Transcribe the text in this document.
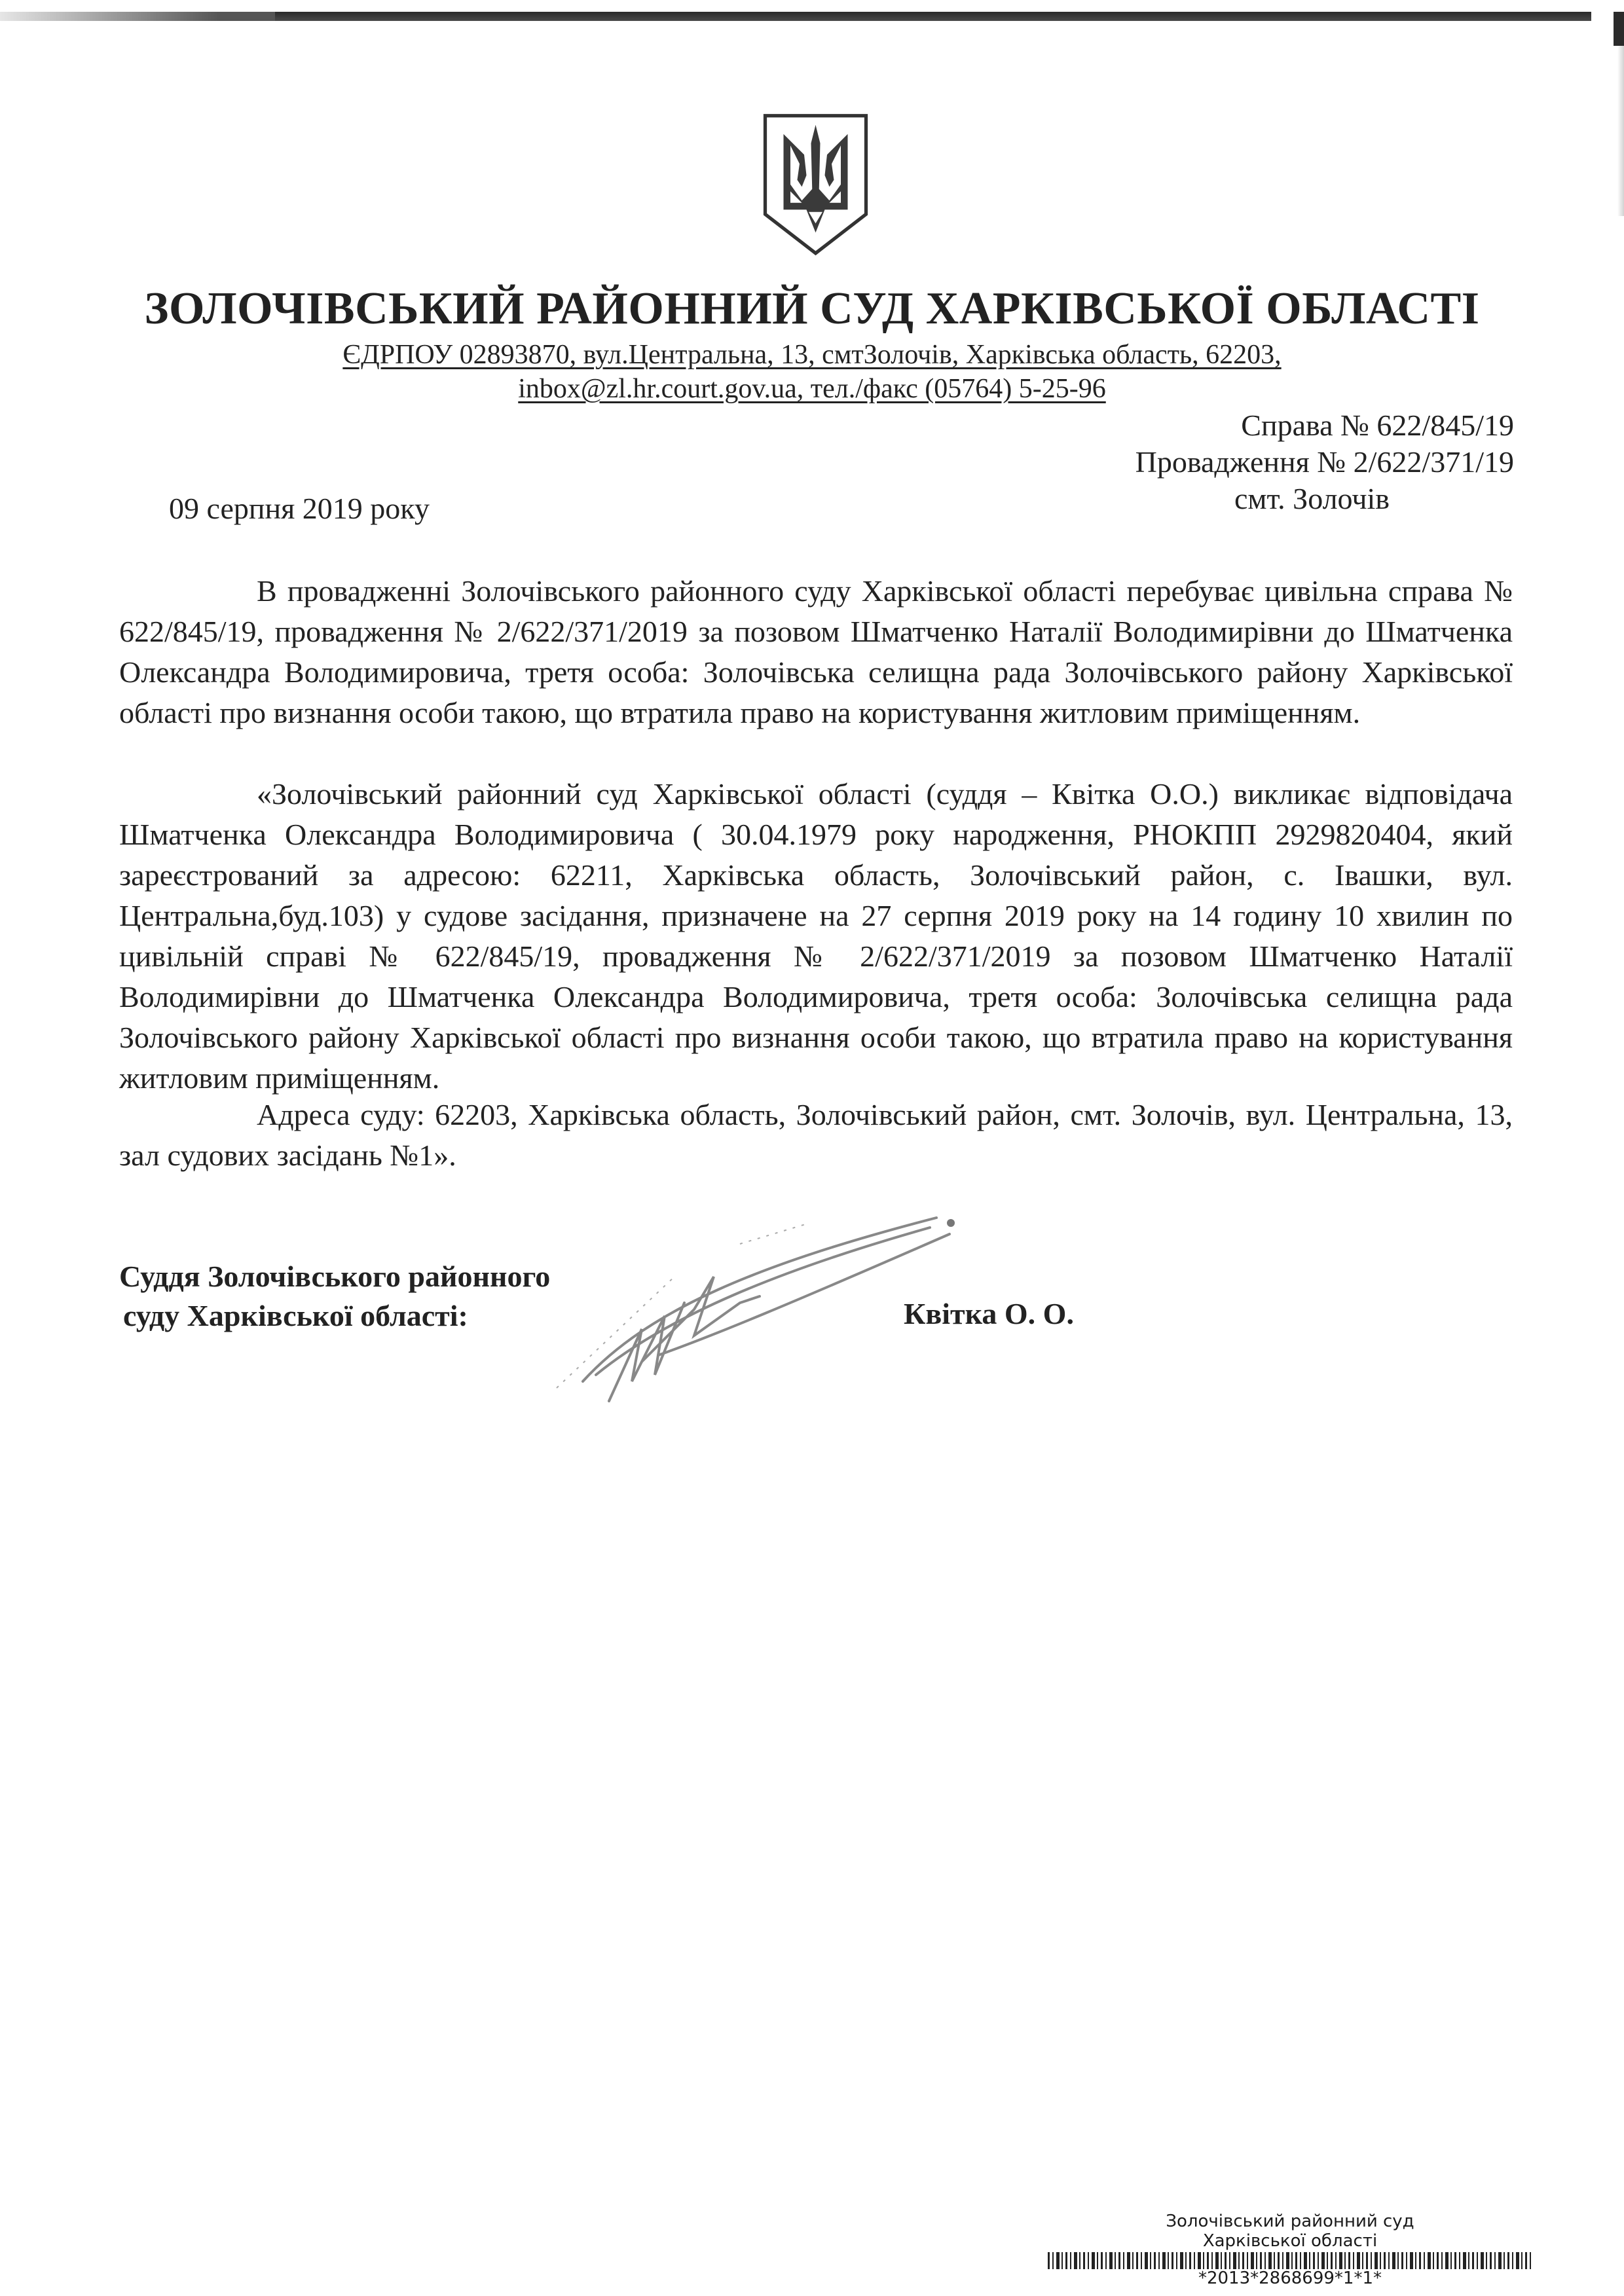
ЗОЛОЧІВСЬКИЙ РАЙОННИЙ СУД ХАРКІВСЬКОЇ ОБЛАСТІ
ЄДРПОУ 02893870, вул.Центральна, 13, смтЗолочів, Харківська область, 62203,
inbox@zl.hr.court.gov.ua, тел./факс (05764) 5-25-96
Справа № 622/845/19
Провадження № 2/622/371/19
смт. Золочів
09 серпня 2019 року

В провадженні Золочівського районного суду Харківської області перебуває цивільна справа № 622/845/19, провадження № 2/622/371/2019 за позовом Шматченко Наталії Володимирівни до Шматченка Олександра Володимировича, третя особа: Золочівська селищна рада Золочівського району Харківської області про визнання особи такою, що втратила право на користування житловим приміщенням.

«Золочівський районний суд Харківської області (суддя – Квітка О.О.) викликає відповідача Шматченка Олександра Володимировича ( 30.04.1979 року народження, РНОКПП 2929820404, який зареєстрований за адресою: 62211, Харківська область, Золочівський район, с. Івашки, вул. Центральна,буд.103) у судове засідання, призначене на 27 серпня 2019 року на 14 годину 10 хвилин по цивільній справі № 622/845/19, провадження № 2/622/371/2019 за позовом Шматченко Наталії Володимирівни до Шматченка Олександра Володимировича, третя особа: Золочівська селищна рада Золочівського району Харківської області про визнання особи такою, що втратила право на користування житловим приміщенням.

Адреса суду: 62203, Харківська область, Золочівський район, смт. Золочів, вул. Центральна, 13, зал судових засідань №1».

Суддя Золочівського районного
суду Харківської області:	Квітка О. О.
Золочівський районний суд
Харківської області
*2013*2868699*1*1*
